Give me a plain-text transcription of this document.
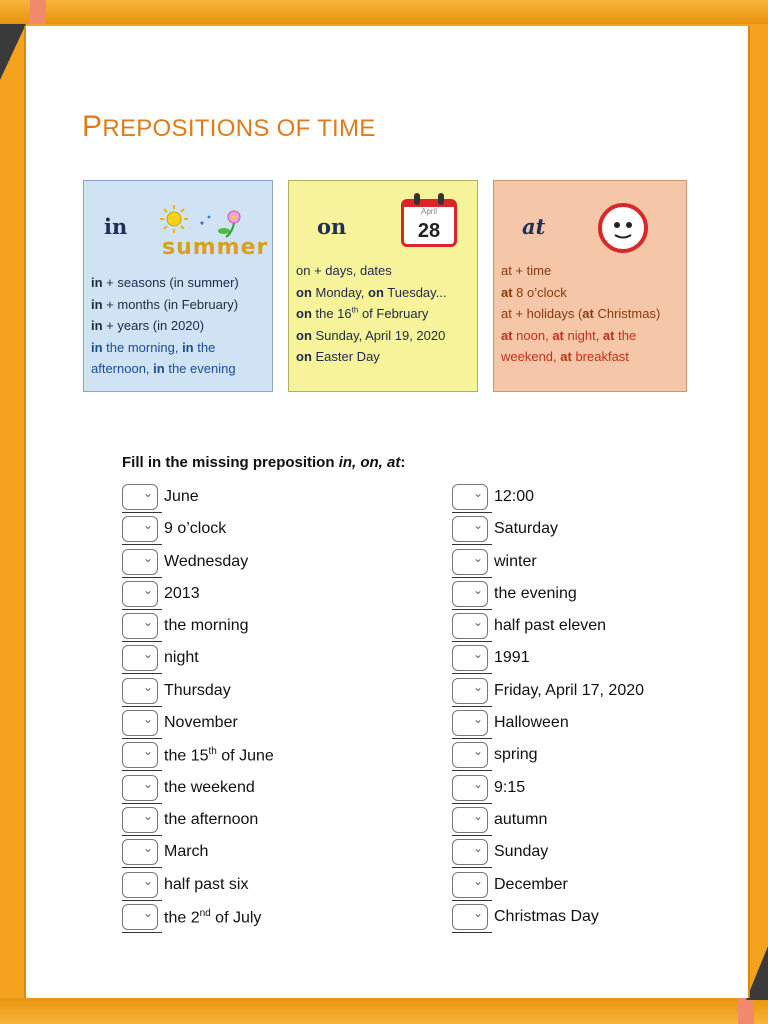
PREPOSITIONS OF TIME
in
summer
in + seasons (in summer)
in + months (in February)
in + years (in 2020)
in the morning, in the
afternoon, in the evening
on
April
28
on + days, dates
on Monday, on Tuesday...
on the 16th of February
on Sunday, April 19, 2020
on Easter Day
at
at + time
at 8 o’clock
at + holidays (at Christmas)
at noon, at night, at the
weekend, at breakfast
Fill in the missing preposition in, on, at:
⌄
June
⌄
9 o’clock
⌄
Wednesday
⌄
2013
⌄
the morning
⌄
night
⌄
Thursday
⌄
November
⌄
the 15th of June
⌄
the weekend
⌄
the afternoon
⌄
March
⌄
half past six
⌄
the 2nd of July
⌄
12:00
⌄
Saturday
⌄
winter
⌄
the evening
⌄
half past eleven
⌄
1991
⌄
Friday, April 17, 2020
⌄
Halloween
⌄
spring
⌄
9:15
⌄
autumn
⌄
Sunday
⌄
December
⌄
Christmas Day
